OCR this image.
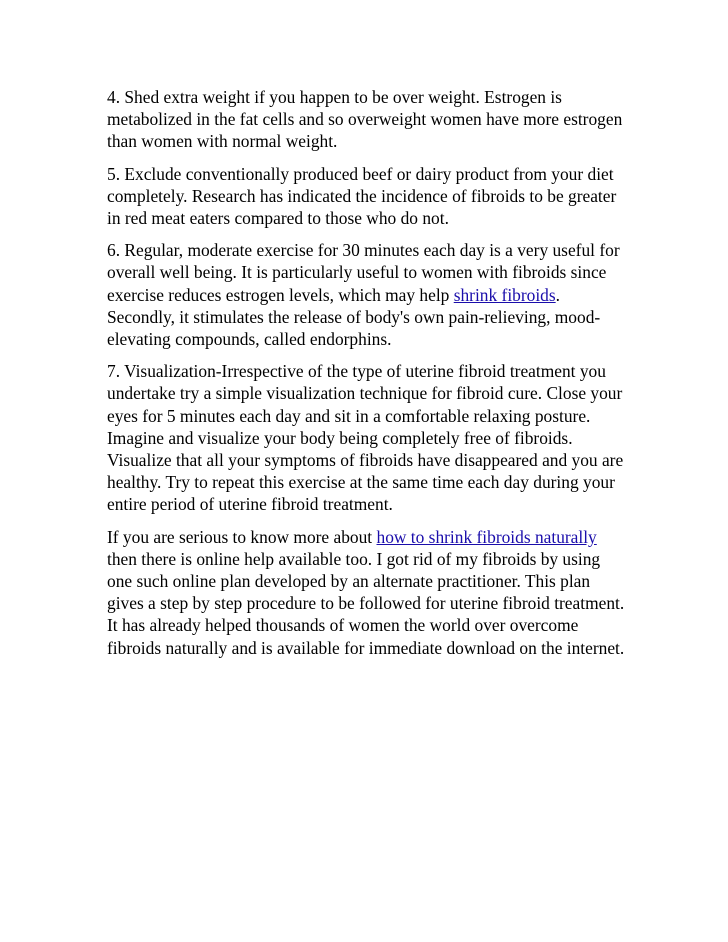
4. Shed extra weight if you happen to be over weight. Estrogen is metabolized in the fat cells and so overweight women have more estrogen than women with normal weight.

5. Exclude conventionally produced beef or dairy product from your diet completely. Research has indicated the incidence of fibroids to be greater in red meat eaters compared to those who do not.

6. Regular, moderate exercise for 30 minutes each day is a very useful for overall well being. It is particularly useful to women with fibroids since exercise reduces estrogen levels, which may help shrink fibroids. Secondly, it stimulates the release of body's own pain-relieving, mood-elevating compounds, called endorphins.

7. Visualization-Irrespective of the type of uterine fibroid treatment you undertake try a simple visualization technique for fibroid cure. Close your eyes for 5 minutes each day and sit in a comfortable relaxing posture. Imagine and visualize your body being completely free of fibroids. Visualize that all your symptoms of fibroids have disappeared and you are healthy. Try to repeat this exercise at the same time each day during your entire period of uterine fibroid treatment.

If you are serious to know more about how to shrink fibroids naturally then there is online help available too. I got rid of my fibroids by using one such online plan developed by an alternate practitioner. This plan gives a step by step procedure to be followed for uterine fibroid treatment. It has already helped thousands of women the world over overcome fibroids naturally and is available for immediate download on the internet.
